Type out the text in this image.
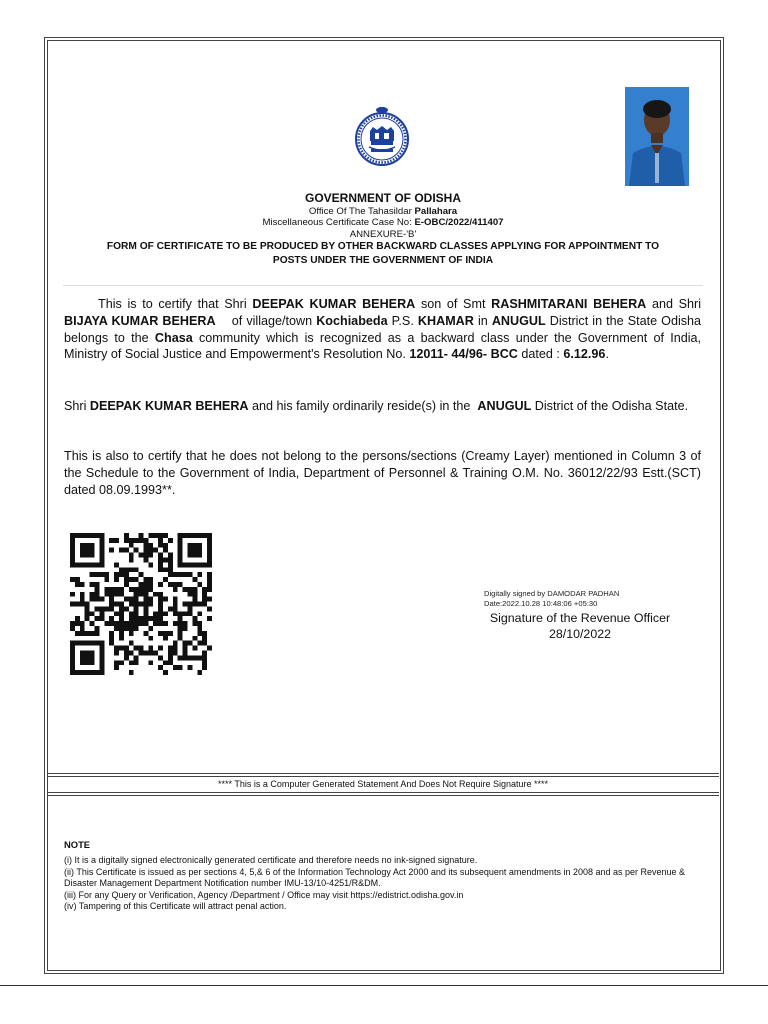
GOVERNMENT OF ODISHA
Office Of The Tahasildar Pallahara
Miscellaneous Certificate Case No: E-OBC/2022/411407
ANNEXURE-'B'
FORM OF CERTIFICATE TO BE PRODUCED BY OTHER BACKWARD CLASSES APPLYING FOR APPOINTMENT TO
POSTS UNDER THE GOVERNMENT OF INDIA

This is to certify that Shri DEEPAK KUMAR BEHERA son of Smt RASHMITARANI BEHERA and Shri BIJAYA KUMAR BEHERA of village/town Kochiabeda P.S. KHAMAR in ANUGUL District in the State Odisha belongs to the Chasa community which is recognized as a backward class under the Government of India, Ministry of Social Justice and Empowerment's Resolution No. 12011- 44/96- BCC dated : 6.12.96.

Shri DEEPAK KUMAR BEHERA and his family ordinarily reside(s) in the ANUGUL District of the Odisha State.

This is also to certify that he does not belong to the persons/sections (Creamy Layer) mentioned in Column 3 of the Schedule to the Government of India, Department of Personnel & Training O.M. No. 36012/22/93 Estt.(SCT) dated 08.09.1993**.

Digitally signed by DAMODAR PADHAN
Date:2022.10.28 10:48:06 +05:30
Signature of the Revenue Officer
28/10/2022
**** This is a Computer Generated Statement And Does Not Require Signature ****
NOTE
(i) It is a digitally signed electronically generated certificate and therefore needs no ink-signed signature.
(ii) This Certificate is issued as per sections 4, 5,& 6 of the Information Technology Act 2000 and its subsequent amendments in 2008 and as per Revenue & Disaster Management Department Notification number IMU-13/10-4251/R&DM.
(iii) For any Query or Verification, Agency /Department / Office may visit https://edistrict.odisha.gov.in
(iv) Tampering of this Certificate will attract penal action.
